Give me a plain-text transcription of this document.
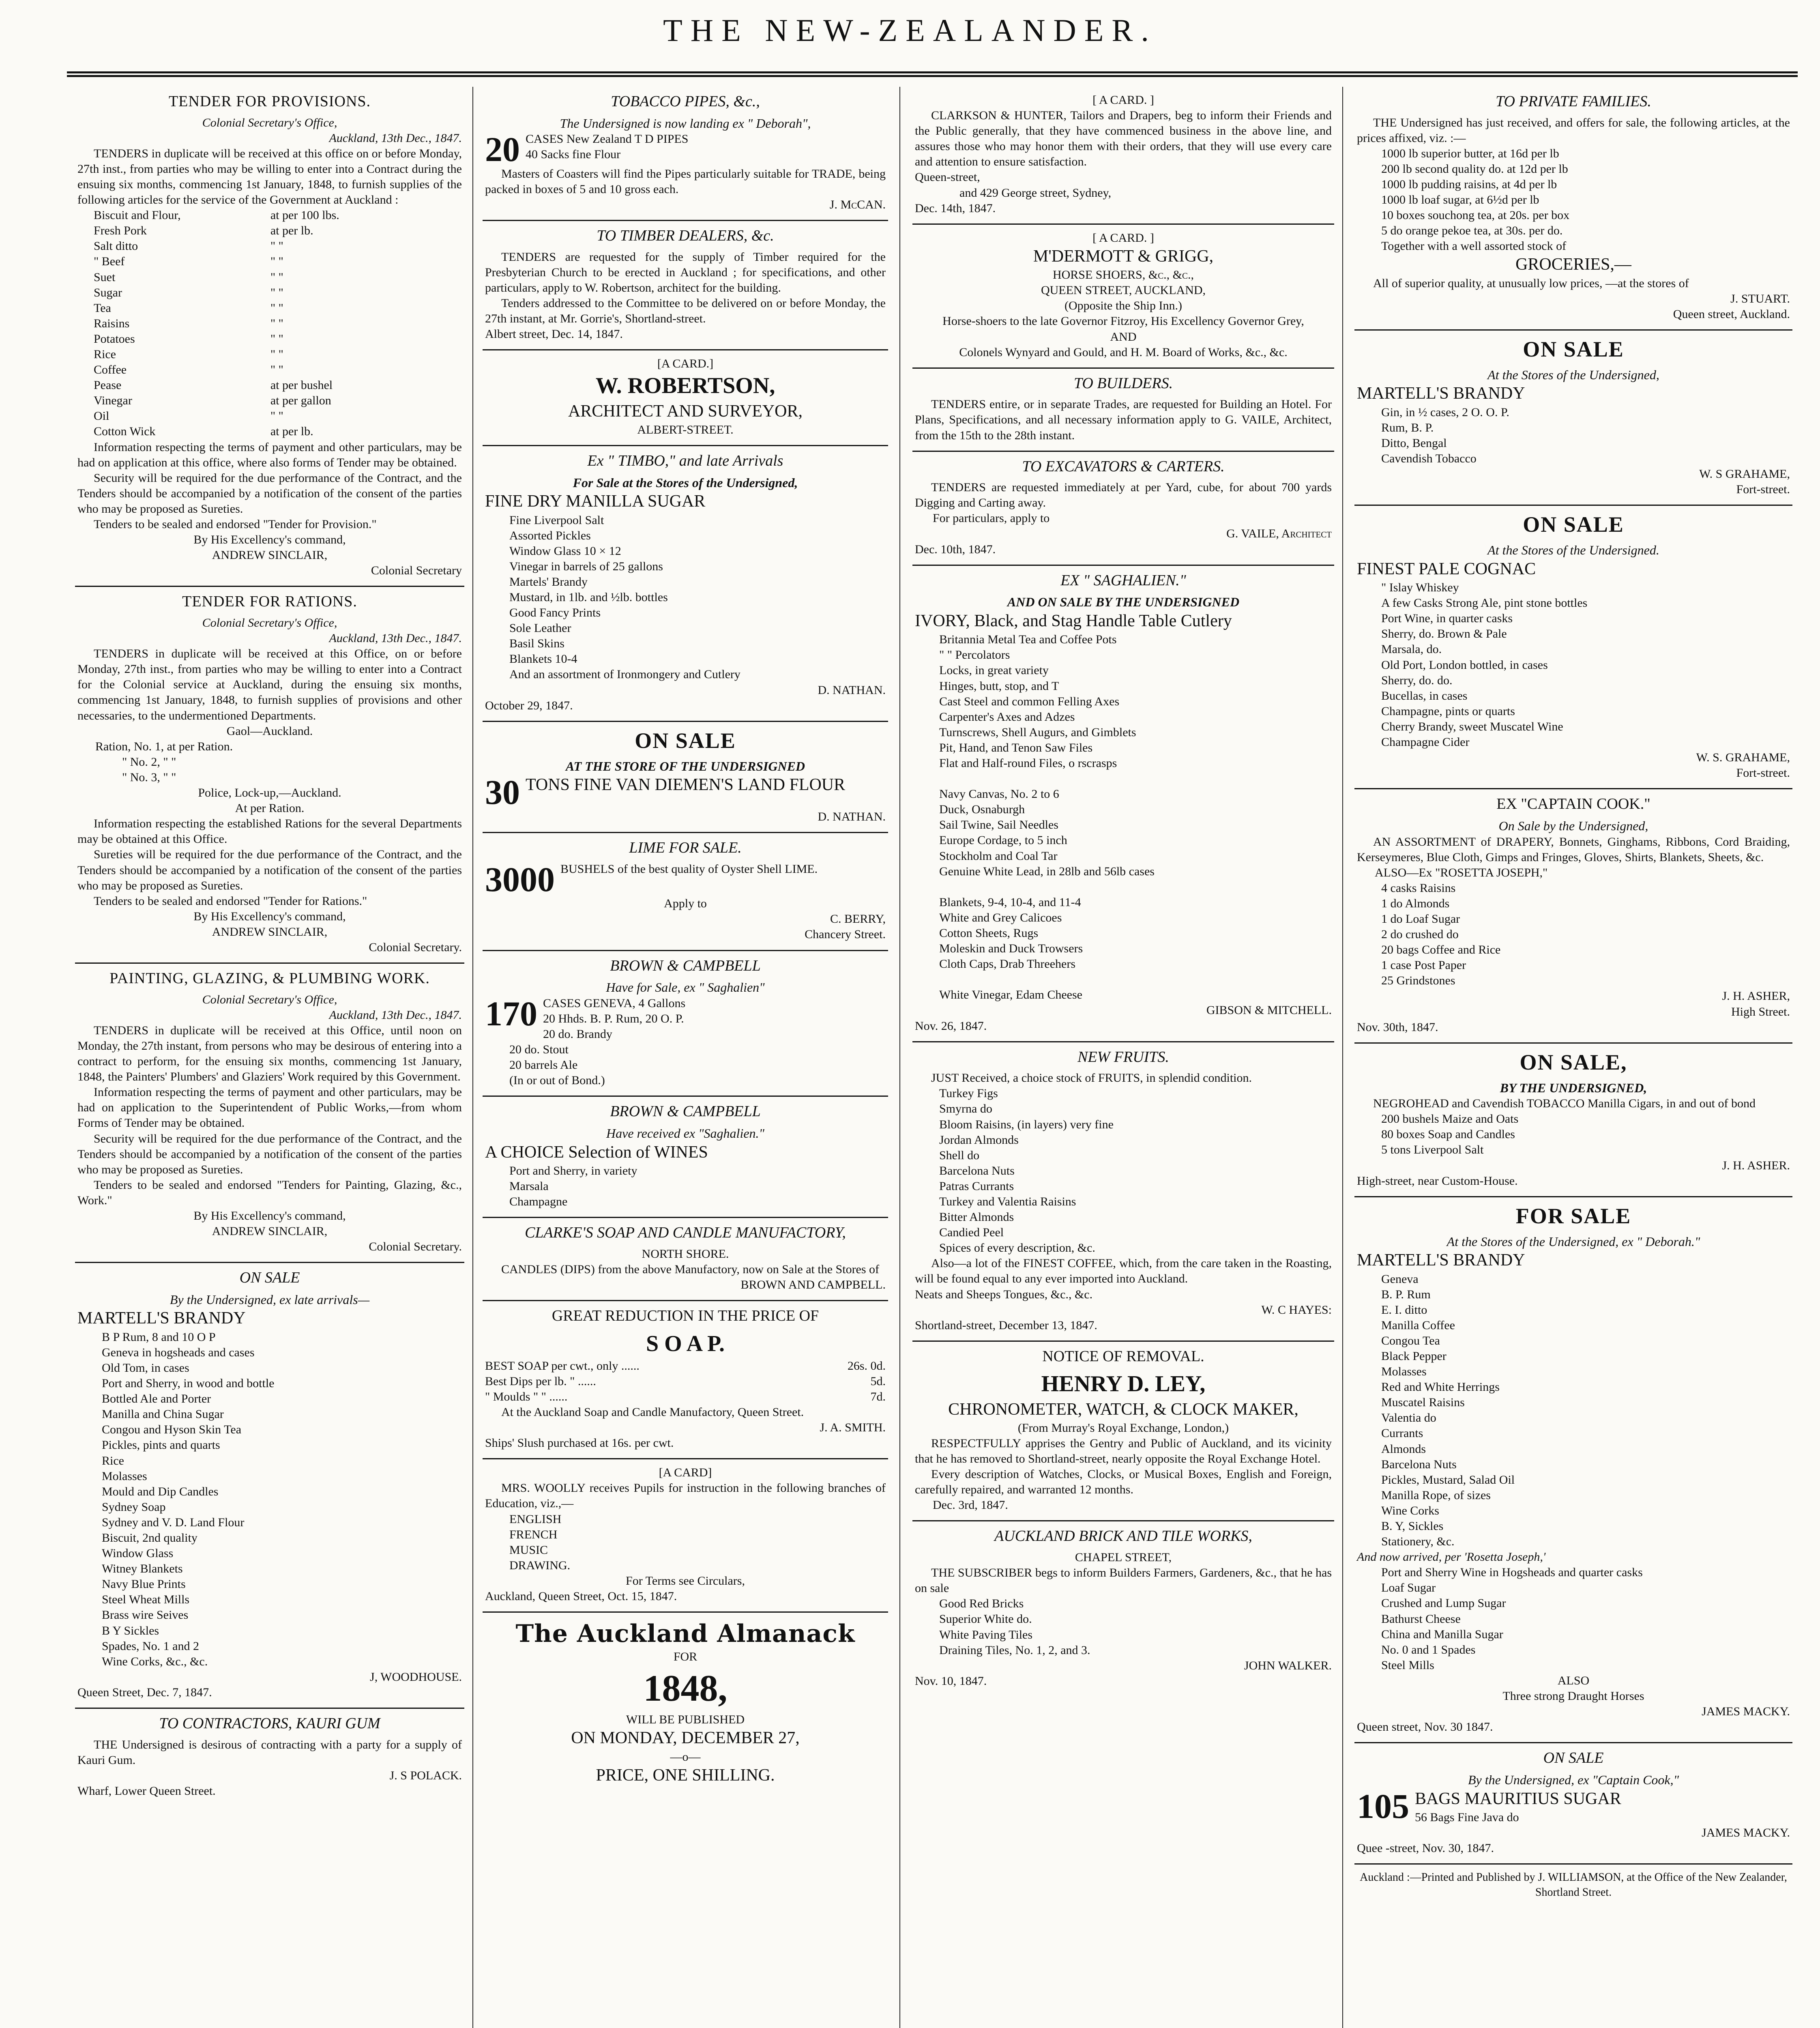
THE NEW-ZEALANDER.
TENDER FOR PROVISIONS.
Colonial Secretary's Office,
Auckland, 13th Dec., 1847.

TENDERS in duplicate will be received at this office on or before Monday, 27th inst., from parties who may be willing to enter into a Contract during the ensuing six months, commencing 1st January, 1848, to furnish supplies of the following articles for the service of the Government at Auckland :

Biscuit and Flour,	at per 100 lbs.
Fresh Pork	at per lb.
Salt ditto	" "
" Beef	" "
Suet	" "
Sugar	" "
Tea	" "
Raisins	" "
Potatoes	" "
Rice	" "
Coffee	" "
Pease	at per bushel
Vinegar	at per gallon
Oil	" "
Cotton Wick	at per lb.

Information respecting the terms of payment and other particulars, may be had on application at this office, where also forms of Tender may be obtained.

Security will be required for the due performance of the Contract, and the Tenders should be accompanied by a notification of the consent of the parties who may be proposed as Sureties.

Tenders to be sealed and endorsed "Tender for Provision."

By His Excellency's command,
ANDREW SINCLAIR,
Colonial Secretary
TENDER FOR RATIONS.
Colonial Secretary's Office,
Auckland, 13th Dec., 1847.

TENDERS in duplicate will be received at this Office, on or before Monday, 27th inst., from parties who may be willing to enter into a Contract for the Colonial service at Auckland, during the ensuing six months, commencing 1st January, 1848, to furnish supplies of provisions and other necessaries, to the undermentioned Departments.

Gaol—Auckland.
Ration, No. 1, at per Ration.
" No. 2, " "
" No. 3, " "
Police, Lock-up,—Auckland.
At per Ration.

Information respecting the established Rations for the several Departments may be obtained at this Office.

Sureties will be required for the due performance of the Contract, and the Tenders should be accompanied by a notification of the consent of the parties who may be proposed as Sureties.

Tenders to be sealed and endorsed "Tender for Rations."

By His Excellency's command,
ANDREW SINCLAIR,
Colonial Secretary.
PAINTING, GLAZING, & PLUMBING WORK.
Colonial Secretary's Office,
Auckland, 13th Dec., 1847.

TENDERS in duplicate will be received at this Office, until noon on Monday, the 27th instant, from persons who may be desirous of entering into a contract to perform, for the ensuing six months, commencing 1st January, 1848, the Painters' Plumbers' and Glaziers' Work required by this Government.

Information respecting the terms of payment and other particulars, may be had on application to the Superintendent of Public Works,—from whom Forms of Tender may be obtained.

Security will be required for the due performance of the Contract, and the Tenders should be accompanied by a notification of the consent of the parties who may be proposed as Sureties.

Tenders to be sealed and endorsed "Tenders for Painting, Glazing, &c., Work."

By His Excellency's command,
ANDREW SINCLAIR,
Colonial Secretary.
ON SALE
By the Undersigned, ex late arrivals—
MARTELL'S BRANDY
B P Rum, 8 and 10 O P
Geneva in hogsheads and cases
Old Tom, in cases
Port and Sherry, in wood and bottle
Bottled Ale and Porter
Manilla and China Sugar
Congou and Hyson Skin Tea
Pickles, pints and quarts
Rice
Molasses
Mould and Dip Candles
Sydney Soap
Sydney and V. D. Land Flour
Biscuit, 2nd quality
Window Glass
Witney Blankets
Navy Blue Prints
Steel Wheat Mills
Brass wire Seives
B Y Sickles
Spades, No. 1 and 2
Wine Corks, &c., &c.
J, WOODHOUSE.
Queen Street, Dec. 7, 1847.
TO CONTRACTORS, KAURI GUM

THE Undersigned is desirous of contracting with a party for a supply of Kauri Gum.

J. S POLACK.
Wharf, Lower Queen Street.
TOBACCO PIPES, &c.,
The Undersigned is now landing ex " Deborah",
20 CASES New Zealand T D PIPES
40 Sacks fine Flour

Masters of Coasters will find the Pipes particularly suitable for TRADE, being packed in boxes of 5 and 10 gross each.

J. McCAN.
TO TIMBER DEALERS, &c.

TENDERS are requested for the supply of Timber required for the Presbyterian Church to be erected in Auckland ; for specifications, and other particulars, apply to W. Robertson, architect for the building.

Tenders addressed to the Committee to be delivered on or before Monday, the 27th instant, at Mr. Gorrie's, Shortland-street.

Albert street, Dec. 14, 1847.
[A CARD.]
W. ROBERTSON,
ARCHITECT AND SURVEYOR,
ALBERT-STREET.
Ex " TIMBO," and late Arrivals
For Sale at the Stores of the Undersigned,
FINE DRY MANILLA SUGAR
Fine Liverpool Salt
Assorted Pickles
Window Glass 10 × 12
Vinegar in barrels of 25 gallons
Martels' Brandy
Mustard, in 1lb. and ½lb. bottles
Good Fancy Prints
Sole Leather
Basil Skins
Blankets 10-4
And an assortment of Ironmongery and Cutlery
D. NATHAN.
October 29, 1847.
ON SALE
AT THE STORE OF THE UNDERSIGNED
30 TONS FINE VAN DIEMEN'S LAND FLOUR
D. NATHAN.
LIME FOR SALE.
3000 BUSHELS of the best quality of Oyster Shell LIME.
Apply to
C. BERRY,
Chancery Street.
BROWN & CAMPBELL
Have for Sale, ex " Saghalien"
170 CASES GENEVA, 4 Gallons
20 Hhds. B. P. Rum, 20 O. P.
20 do. Brandy
20 do. Stout
20 barrels Ale
(In or out of Bond.)
BROWN & CAMPBELL
Have received ex "Saghalien."
A CHOICE Selection of WINES
Port and Sherry, in variety
Marsala
Champagne
CLARKE'S SOAP AND CANDLE MANUFACTORY,
NORTH SHORE.

CANDLES (DIPS) from the above Manufactory, now on Sale at the Stores of

BROWN AND CAMPBELL.
GREAT REDUCTION IN THE PRICE OF
S O A P.
BEST SOAP per cwt., only ......	26s. 0d.
Best Dips per lb. " ......	5d.
" Moulds " " ......	7d.

At the Auckland Soap and Candle Manufactory, Queen Street.

J. A. SMITH.
Ships' Slush purchased at 16s. per cwt.
[A CARD]

MRS. WOOLLY receives Pupils for instruction in the following branches of Education, viz.,—

ENGLISH
FRENCH
MUSIC
DRAWING.
For Terms see Circulars,
Auckland, Queen Street, Oct. 15, 1847.
The Auckland Almanack
FOR
1848,
WILL BE PUBLISHED
ON MONDAY, DECEMBER 27,
—o—
PRICE, ONE SHILLING.
[ A CARD. ]

CLARKSON & HUNTER, Tailors and Drapers, beg to inform their Friends and the Public generally, that they have commenced business in the above line, and assures those who may honor them with their orders, that they will use every care and attention to ensure satisfaction.

Queen-street,
and 429 George street, Sydney,
Dec. 14th, 1847.
[ A CARD. ]
M'DERMOTT & GRIGG,
HORSE SHOERS, &c., &c.,
QUEEN STREET, AUCKLAND,
(Opposite the Ship Inn.)
Horse-shoers to the late Governor Fitzroy, His Excellency Governor Grey,
AND
Colonels Wynyard and Gould, and H. M. Board of Works, &c., &c.
TO BUILDERS.

TENDERS entire, or in separate Trades, are requested for Building an Hotel. For Plans, Specifications, and all necessary information apply to G. VAILE, Architect, from the 15th to the 28th instant.

TO EXCAVATORS & CARTERS.

TENDERS are requested immediately at per Yard, cube, for about 700 yards Digging and Carting away.

For particulars, apply to
G. VAILE, Architect
Dec. 10th, 1847.
EX " SAGHALIEN."
AND ON SALE BY THE UNDERSIGNED
IVORY, Black, and Stag Handle Table Cutlery
Britannia Metal Tea and Coffee Pots
" " Percolators
Locks, in great variety
Hinges, butt, stop, and T
Cast Steel and common Felling Axes
Carpenter's Axes and Adzes
Turnscrews, Shell Augurs, and Gimblets
Pit, Hand, and Tenon Saw Files
Flat and Half-round Files, o rscrasps

Navy Canvas, No. 2 to 6
Duck, Osnaburgh
Sail Twine, Sail Needles
Europe Cordage, to 5 inch
Stockholm and Coal Tar
Genuine White Lead, in 28lb and 56lb cases

Blankets, 9-4, 10-4, and 11-4
White and Grey Calicoes
Cotton Sheets, Rugs
Moleskin and Duck Trowsers
Cloth Caps, Drab Threehers

White Vinegar, Edam Cheese
GIBSON & MITCHELL.
Nov. 26, 1847.
NEW FRUITS.

JUST Received, a choice stock of FRUITS, in splendid condition.

Turkey Figs
Smyrna do
Bloom Raisins, (in layers) very fine
Jordan Almonds
Shell do
Barcelona Nuts
Patras Currants
Turkey and Valentia Raisins
Bitter Almonds
Candied Peel
Spices of every description, &c.

Also—a lot of the FINEST COFFEE, which, from the care taken in the Roasting, will be found equal to any ever imported into Auckland.

Neats and Sheeps Tongues, &c., &c.
W. C HAYES:
Shortland-street, December 13, 1847.
NOTICE OF REMOVAL.
HENRY D. LEY,
CHRONOMETER, WATCH, & CLOCK MAKER,
(From Murray's Royal Exchange, London,)

RESPECTFULLY apprises the Gentry and Public of Auckland, and its vicinity that he has removed to Shortland-street, nearly opposite the Royal Exchange Hotel.

Every description of Watches, Clocks, or Musical Boxes, English and Foreign, carefully repaired, and warranted 12 months.

Dec. 3rd, 1847.
AUCKLAND BRICK AND TILE WORKS,
CHAPEL STREET,

THE SUBSCRIBER begs to inform Builders Farmers, Gardeners, &c., that he has on sale

Good Red Bricks
Superior White do.
White Paving Tiles
Draining Tiles, No. 1, 2, and 3.
JOHN WALKER.
Nov. 10, 1847.
TO PRIVATE FAMILIES.

THE Undersigned has just received, and offers for sale, the following articles, at the prices affixed, viz. :—

1000 lb superior butter, at 16d per lb
200 lb second quality do. at 12d per lb
1000 lb pudding raisins, at 4d per lb
1000 lb loaf sugar, at 6½d per lb
10 boxes souchong tea, at 20s. per box
5 do orange pekoe tea, at 30s. per do.
Together with a well assorted stock of
GROCERIES,—

All of superior quality, at unusually low prices, —at the stores of

J. STUART.
Queen street, Auckland.
ON SALE
At the Stores of the Undersigned,
MARTELL'S BRANDY
Gin, in ½ cases, 2 O. O. P.
Rum, B. P.
Ditto, Bengal
Cavendish Tobacco
W. S GRAHAME,
Fort-street.
ON SALE
At the Stores of the Undersigned.
FINEST PALE COGNAC
" Islay Whiskey
A few Casks Strong Ale, pint stone bottles
Port Wine, in quarter casks
Sherry, do. Brown & Pale
Marsala, do.
Old Port, London bottled, in cases
Sherry, do. do.
Bucellas, in cases
Champagne, pints or quarts
Cherry Brandy, sweet Muscatel Wine
Champagne Cider
W. S. GRAHAME,
Fort-street.
EX "CAPTAIN COOK."
On Sale by the Undersigned,

AN ASSORTMENT of DRAPERY, Bonnets, Ginghams, Ribbons, Cord Braiding, Kerseymeres, Blue Cloth, Gimps and Fringes, Gloves, Shirts, Blankets, Sheets, &c.

ALSO—Ex "ROSETTA JOSEPH,"
4 casks Raisins
1 do Almonds
1 do Loaf Sugar
2 do crushed do
20 bags Coffee and Rice
1 case Post Paper
25 Grindstones
J. H. ASHER,
High Street.
Nov. 30th, 1847.
ON SALE,
BY THE UNDERSIGNED,

NEGROHEAD and Cavendish TOBACCO Manilla Cigars, in and out of bond

200 bushels Maize and Oats
80 boxes Soap and Candles
5 tons Liverpool Salt
J. H. ASHER.
High-street, near Custom-House.
FOR SALE
At the Stores of the Undersigned, ex " Deborah."
MARTELL'S BRANDY
Geneva
B. P. Rum
E. I. ditto
Manilla Coffee
Congou Tea
Black Pepper
Molasses
Red and White Herrings
Muscatel Raisins
Valentia do
Currants
Almonds
Barcelona Nuts
Pickles, Mustard, Salad Oil
Manilla Rope, of sizes
Wine Corks
B. Y, Sickles
Stationery, &c.
And now arrived, per 'Rosetta Joseph,'
Port and Sherry Wine in Hogsheads and quarter casks
Loaf Sugar
Crushed and Lump Sugar
Bathurst Cheese
China and Manilla Sugar
No. 0 and 1 Spades
Steel Mills
ALSO
Three strong Draught Horses
JAMES MACKY.
Queen street, Nov. 30 1847.
ON SALE
By the Undersigned, ex "Captain Cook,"
105 BAGS MAURITIUS SUGAR
56 Bags Fine Java do
JAMES MACKY.
Quee -street, Nov. 30, 1847.
Auckland :—Printed and Published by J. WILLIAMSON, at the Office of the New Zealander, Shortland Street.
